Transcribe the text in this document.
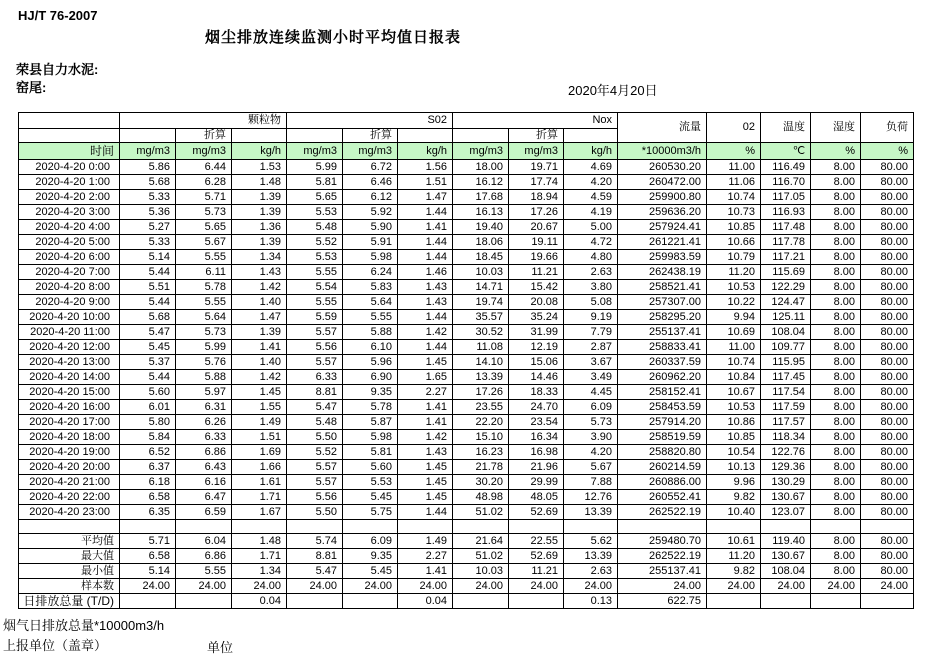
HJ/T 76-2007
烟尘排放连续监测小时平均值日报表
荣县自力水泥:
窑尾:	2020年4月20日
	颗粒物			S02			Nox			流量	02	温度	湿度	负荷
		折算			折算			折算						
时间	mg/m3	mg/m3	kg/h	mg/m3	mg/m3	kg/h	mg/m3	mg/m3	kg/h	*10000m3/h	%	℃	%	%
2020-4-20 0:00	5.86	6.44	1.53	5.99	6.72	1.56	18.00	19.71	4.69	260530.20	11.00	116.49	8.00	80.00
2020-4-20 1:00	5.68	6.28	1.48	5.81	6.46	1.51	16.12	17.74	4.20	260472.00	11.06	116.70	8.00	80.00
2020-4-20 2:00	5.33	5.71	1.39	5.65	6.12	1.47	17.68	18.94	4.59	259900.80	10.74	117.05	8.00	80.00
2020-4-20 3:00	5.36	5.73	1.39	5.53	5.92	1.44	16.13	17.26	4.19	259636.20	10.73	116.93	8.00	80.00
2020-4-20 4:00	5.27	5.65	1.36	5.48	5.90	1.41	19.40	20.67	5.00	257924.41	10.85	117.48	8.00	80.00
2020-4-20 5:00	5.33	5.67	1.39	5.52	5.91	1.44	18.06	19.11	4.72	261221.41	10.66	117.78	8.00	80.00
2020-4-20 6:00	5.14	5.55	1.34	5.53	5.98	1.44	18.45	19.66	4.80	259983.59	10.79	117.21	8.00	80.00
2020-4-20 7:00	5.44	6.11	1.43	5.55	6.24	1.46	10.03	11.21	2.63	262438.19	11.20	115.69	8.00	80.00
2020-4-20 8:00	5.51	5.78	1.42	5.54	5.83	1.43	14.71	15.42	3.80	258521.41	10.53	122.29	8.00	80.00
2020-4-20 9:00	5.44	5.55	1.40	5.55	5.64	1.43	19.74	20.08	5.08	257307.00	10.22	124.47	8.00	80.00
2020-4-20 10:00	5.68	5.64	1.47	5.59	5.55	1.44	35.57	35.24	9.19	258295.20	9.94	125.11	8.00	80.00
2020-4-20 11:00	5.47	5.73	1.39	5.57	5.88	1.42	30.52	31.99	7.79	255137.41	10.69	108.04	8.00	80.00
2020-4-20 12:00	5.45	5.99	1.41	5.56	6.10	1.44	11.08	12.19	2.87	258833.41	11.00	109.77	8.00	80.00
2020-4-20 13:00	5.37	5.76	1.40	5.57	5.96	1.45	14.10	15.06	3.67	260337.59	10.74	115.95	8.00	80.00
2020-4-20 14:00	5.44	5.88	1.42	6.33	6.90	1.65	13.39	14.46	3.49	260962.20	10.84	117.45	8.00	80.00
2020-4-20 15:00	5.60	5.97	1.45	8.81	9.35	2.27	17.26	18.33	4.45	258152.41	10.67	117.54	8.00	80.00
2020-4-20 16:00	6.01	6.31	1.55	5.47	5.78	1.41	23.55	24.70	6.09	258453.59	10.53	117.59	8.00	80.00
2020-4-20 17:00	5.80	6.26	1.49	5.48	5.87	1.41	22.20	23.54	5.73	257914.20	10.86	117.57	8.00	80.00
2020-4-20 18:00	5.84	6.33	1.51	5.50	5.98	1.42	15.10	16.34	3.90	258519.59	10.85	118.34	8.00	80.00
2020-4-20 19:00	6.52	6.86	1.69	5.52	5.81	1.43	16.23	16.98	4.20	258820.80	10.54	122.76	8.00	80.00
2020-4-20 20:00	6.37	6.43	1.66	5.57	5.60	1.45	21.78	21.96	5.67	260214.59	10.13	129.36	8.00	80.00
2020-4-20 21:00	6.18	6.16	1.61	5.57	5.53	1.45	30.20	29.99	7.88	260886.00	9.96	130.29	8.00	80.00
2020-4-20 22:00	6.58	6.47	1.71	5.56	5.45	1.45	48.98	48.05	12.76	260552.41	9.82	130.67	8.00	80.00
2020-4-20 23:00	6.35	6.59	1.67	5.50	5.75	1.44	51.02	52.69	13.39	262522.19	10.40	123.07	8.00	80.00

平均值	5.71	6.04	1.48	5.74	6.09	1.49	21.64	22.55	5.62	259480.70	10.61	119.40	8.00	80.00
最大值	6.58	6.86	1.71	8.81	9.35	2.27	51.02	52.69	13.39	262522.19	11.20	130.67	8.00	80.00
最小值	5.14	5.55	1.34	5.47	5.45	1.41	10.03	11.21	2.63	255137.41	9.82	108.04	8.00	80.00
样本数	24.00	24.00	24.00	24.00	24.00	24.00	24.00	24.00	24.00	24.00	24.00	24.00	24.00	24.00
日排放总量 (T/D)			0.04			0.04			0.13	622.75				
烟气日排放总量*10000m3/h
上报单位（盖章）	单位
